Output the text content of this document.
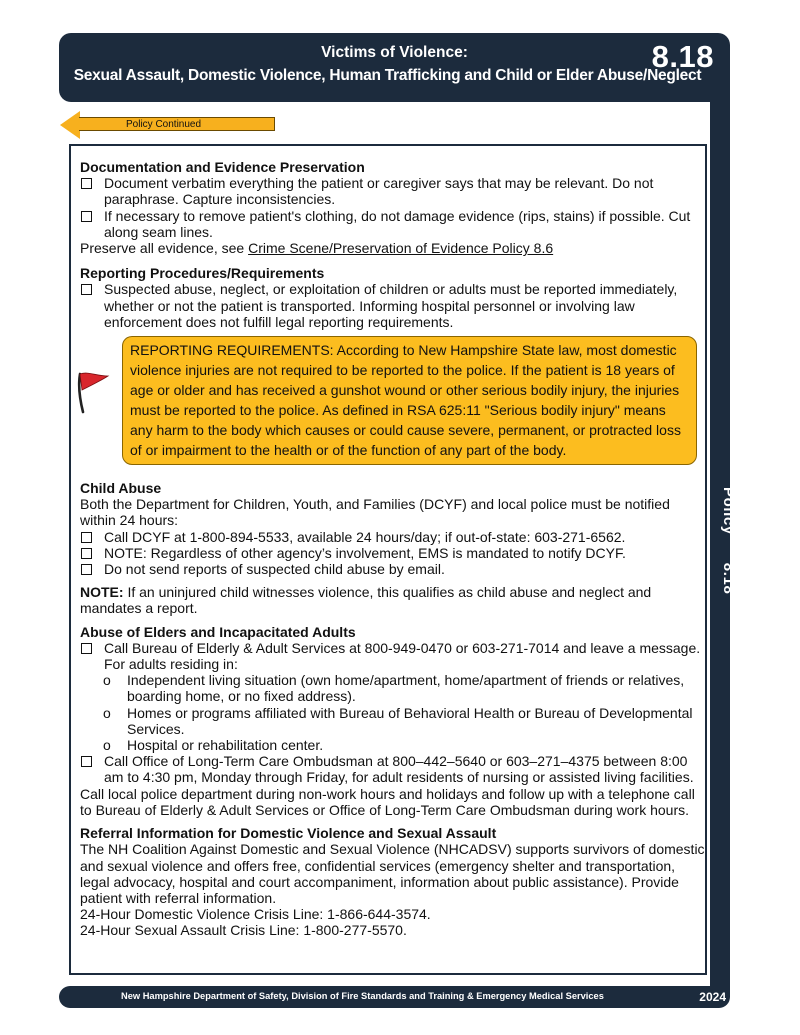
Victims of Violence:
Sexual Assault, Domestic Violence, Human Trafficking and Child or Elder Abuse/Neglect
8.18
Policy8.18
Policy Continued

Documentation and Evidence Preservation

Document verbatim everything the patient or caregiver says that may be relevant. Do not paraphrase. Capture inconsistencies.
If necessary to remove patient's clothing, do not damage evidence (rips, stains) if possible. Cut along seam lines.

Preserve all evidence, see Crime Scene/Preservation of Evidence Policy 8.6

Reporting Procedures/Requirements

Suspected abuse, neglect, or exploitation of children or adults must be reported immediately, whether or not the patient is transported. Informing hospital personnel or involving law enforcement does not fulfill legal reporting requirements.
REPORTING REQUIREMENTS: According to New Hampshire State law, most domestic violence injuries are not required to be reported to the police. If the patient is 18 years of age or older and has received a gunshot wound or other serious bodily injury, the injuries must be reported to the police. As defined in RSA 625:11 "Serious bodily injury" means any harm to the body which causes or could cause severe, permanent, or protracted loss of or impairment to the health or of the function of any part of the body.

Child Abuse

Both the Department for Children, Youth, and Families (DCYF) and local police must be notified within 24 hours:

Call DCYF at 1-800-894-5533, available 24 hours/day; if out-of-state: 603-271-6562.
NOTE: Regardless of other agency’s involvement, EMS is mandated to notify DCYF.
Do not send reports of suspected child abuse by email.

NOTE: If an uninjured child witnesses violence, this qualifies as child abuse and neglect and mandates a report.

Abuse of Elders and Incapacitated Adults

Call Bureau of Elderly & Adult Services at 800-949-0470 or 603-271-7014 and leave a message. For adults residing in:
o	Independent living situation (own home/apartment, home/apartment of friends or relatives, boarding home, or no fixed address).
o	Homes or programs affiliated with Bureau of Behavioral Health or Bureau of Developmental Services.
o	Hospital or rehabilitation center.
Call Office of Long-Term Care Ombudsman at 800–442–5640 or 603–271–4375 between 8:00 am to 4:30 pm, Monday through Friday, for adult residents of nursing or assisted living facilities.

Call local police department during non-work hours and holidays and follow up with a telephone call to Bureau of Elderly & Adult Services or Office of Long-Term Care Ombudsman during work hours.

Referral Information for Domestic Violence and Sexual Assault

The NH Coalition Against Domestic and Sexual Violence (NHCADSV) supports survivors of domestic and sexual violence and offers free, confidential services (emergency shelter and transportation, legal advocacy, hospital and court accompaniment, information about public assistance). Provide patient with referral information.

24-Hour Domestic Violence Crisis Line: 1-866-644-3574.

24-Hour Sexual Assault Crisis Line: 1-800-277-5570.

New Hampshire Department of Safety, Division of Fire Standards and Training & Emergency Medical Services	2024
